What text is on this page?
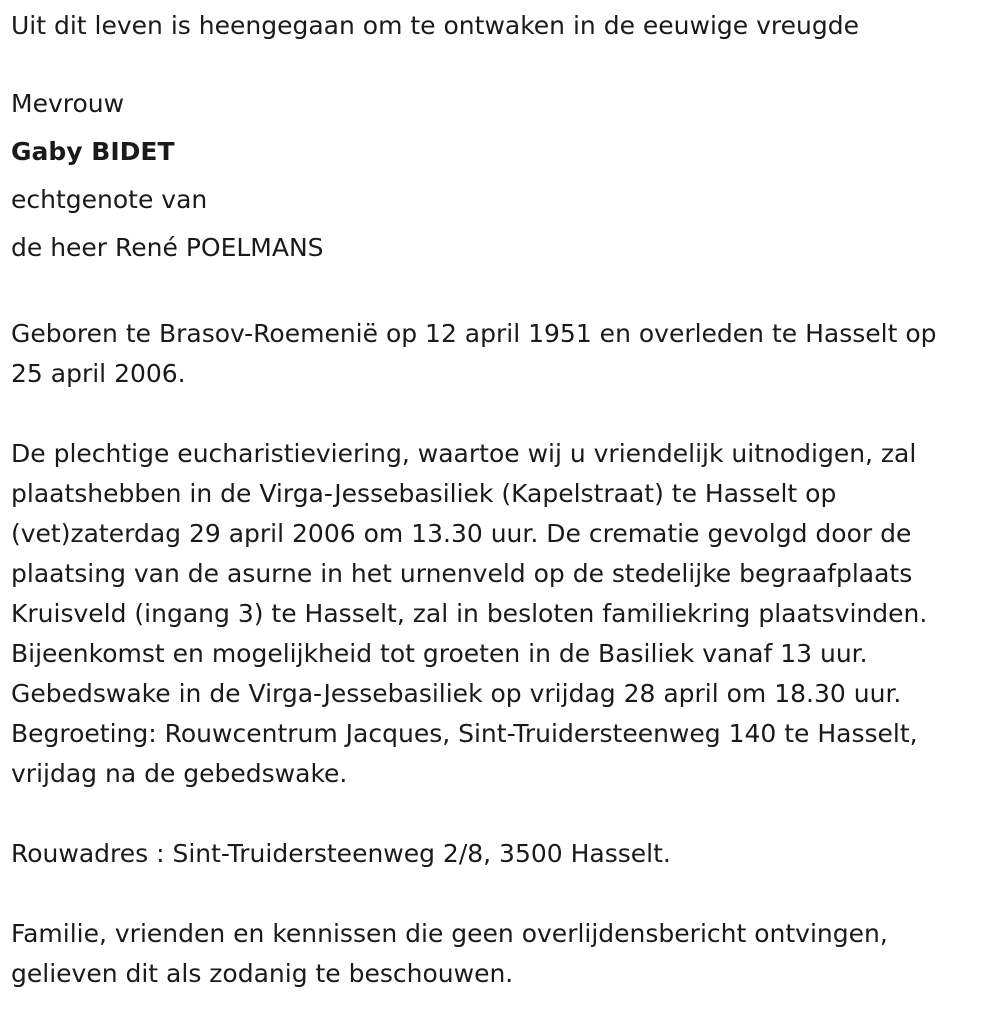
Uit dit leven is heengegaan om te ontwaken in de eeuwige vreugde

Mevrouw

Gaby BIDET

echtgenote van

de heer René POELMANS

Geboren te Brasov-Roemenië op 12 april 1951 en overleden te Hasselt op

25 april 2006.

De plechtige eucharistieviering, waartoe wij u vriendelijk uitnodigen, zal

plaatshebben in de Virga-Jessebasiliek (Kapelstraat) te Hasselt op

(vet)zaterdag 29 april 2006 om 13.30 uur. De crematie gevolgd door de

plaatsing van de asurne in het urnenveld op de stedelijke begraafplaats

Kruisveld (ingang 3) te Hasselt, zal in besloten familiekring plaatsvinden.

Bijeenkomst en mogelijkheid tot groeten in de Basiliek vanaf 13 uur.

Gebedswake in de Virga-Jessebasiliek op vrijdag 28 april om 18.30 uur.

Begroeting: Rouwcentrum Jacques, Sint-Truidersteenweg 140 te Hasselt,

vrijdag na de gebedswake.

Rouwadres : Sint-Truidersteenweg 2/8, 3500 Hasselt.

Familie, vrienden en kennissen die geen overlijdensbericht ontvingen,

gelieven dit als zodanig te beschouwen.
